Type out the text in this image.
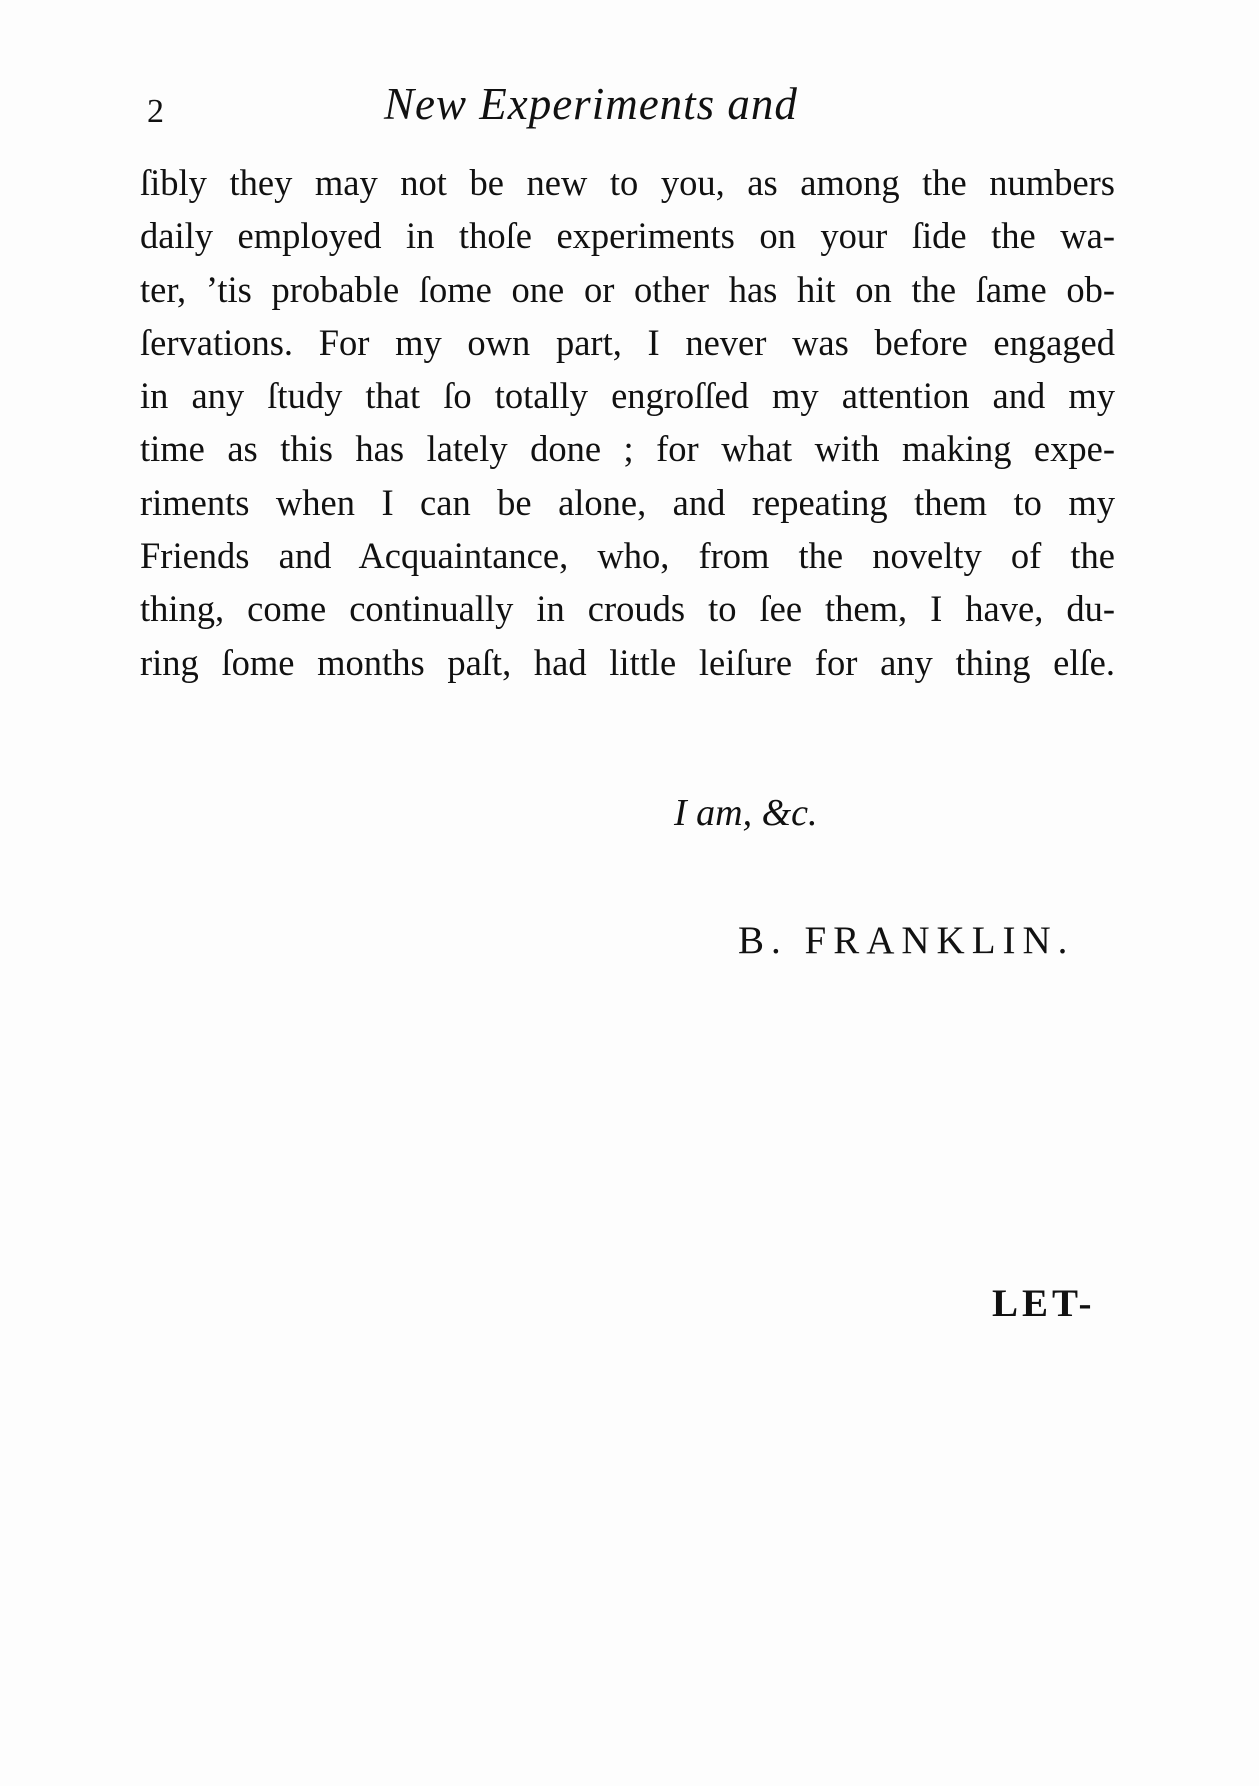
2	New Experiments and
ſibly they may not be new to you, as among the numbers
daily employed in thoſe experiments on your ſide the wa-
ter, ’tis probable ſome one or other has hit on the ſame ob-
ſervations. For my own part, I never was before engaged
in any ſtudy that ſo totally engroſſed my attention and my
time as this has lately done ; for what with making expe-
riments when I can be alone, and repeating them to my
Friends and Acquaintance, who, from the novelty of the
thing, come continually in crouds to ſee them, I have, du-
ring ſome months paſt, had little leiſure for any thing elſe.
I am, &c.
B. FRANKLIN.
LET-
